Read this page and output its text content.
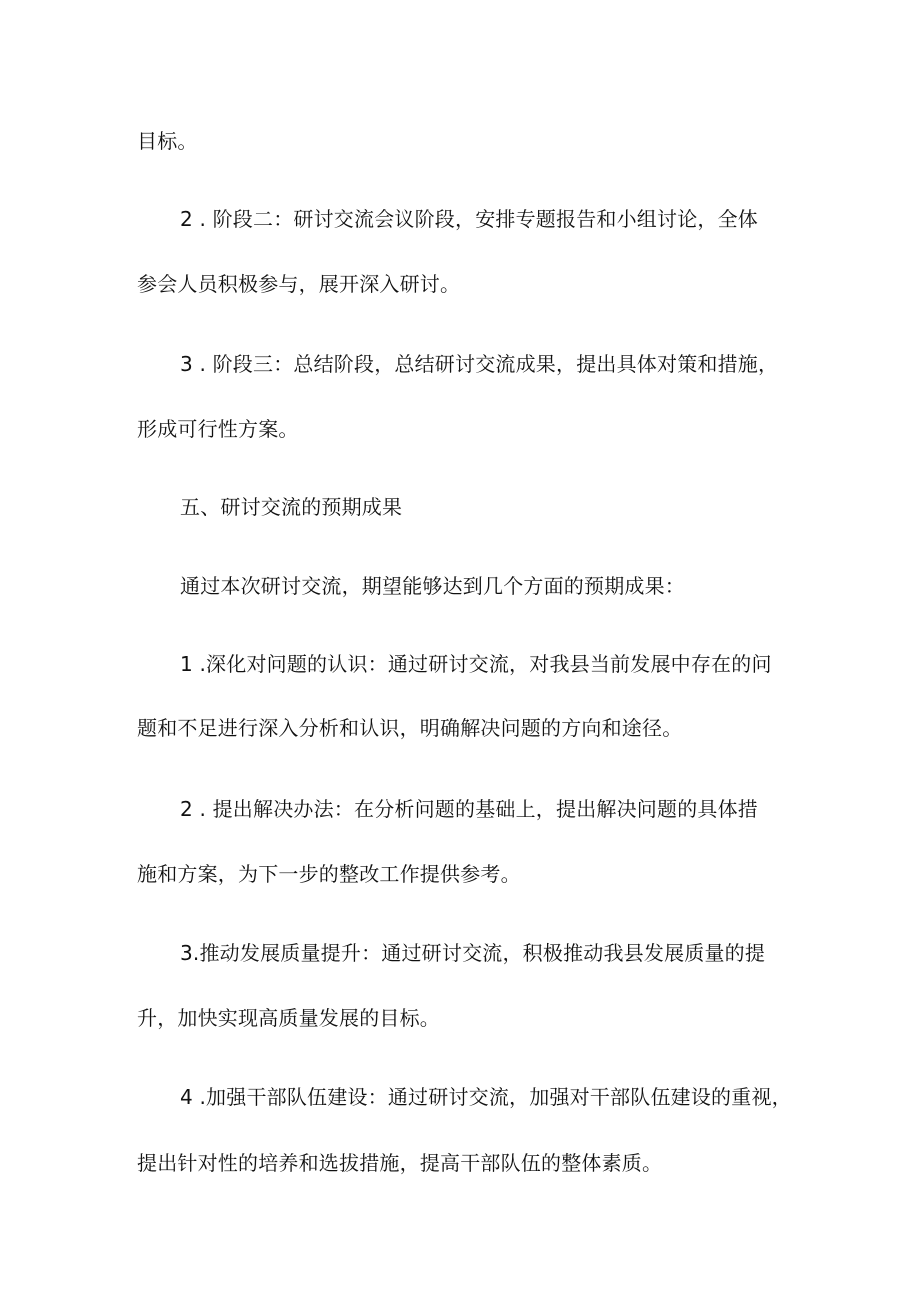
目标。
2 . 阶段二：研讨交流会议阶段，安排专题报告和小组讨论，全体
参会人员积极参与，展开深入研讨。
3 . 阶段三：总结阶段，总结研讨交流成果，提出具体对策和措施，
形成可行性方案。
五、研讨交流的预期成果
通过本次研讨交流，期望能够达到几个方面的预期成果：
1 .深化对问题的认识：通过研讨交流，对我县当前发展中存在的问
题和不足进行深入分析和认识，明确解决问题的方向和途径。
2 . 提出解决办法：在分析问题的基础上，提出解决问题的具体措
施和方案，为下一步的整改工作提供参考。
3.推动发展质量提升：通过研讨交流，积极推动我县发展质量的提
升，加快实现高质量发展的目标。
4 .加强干部队伍建设：通过研讨交流，加强对干部队伍建设的重视，
提出针对性的培养和选拔措施，提高干部队伍的整体素质。
